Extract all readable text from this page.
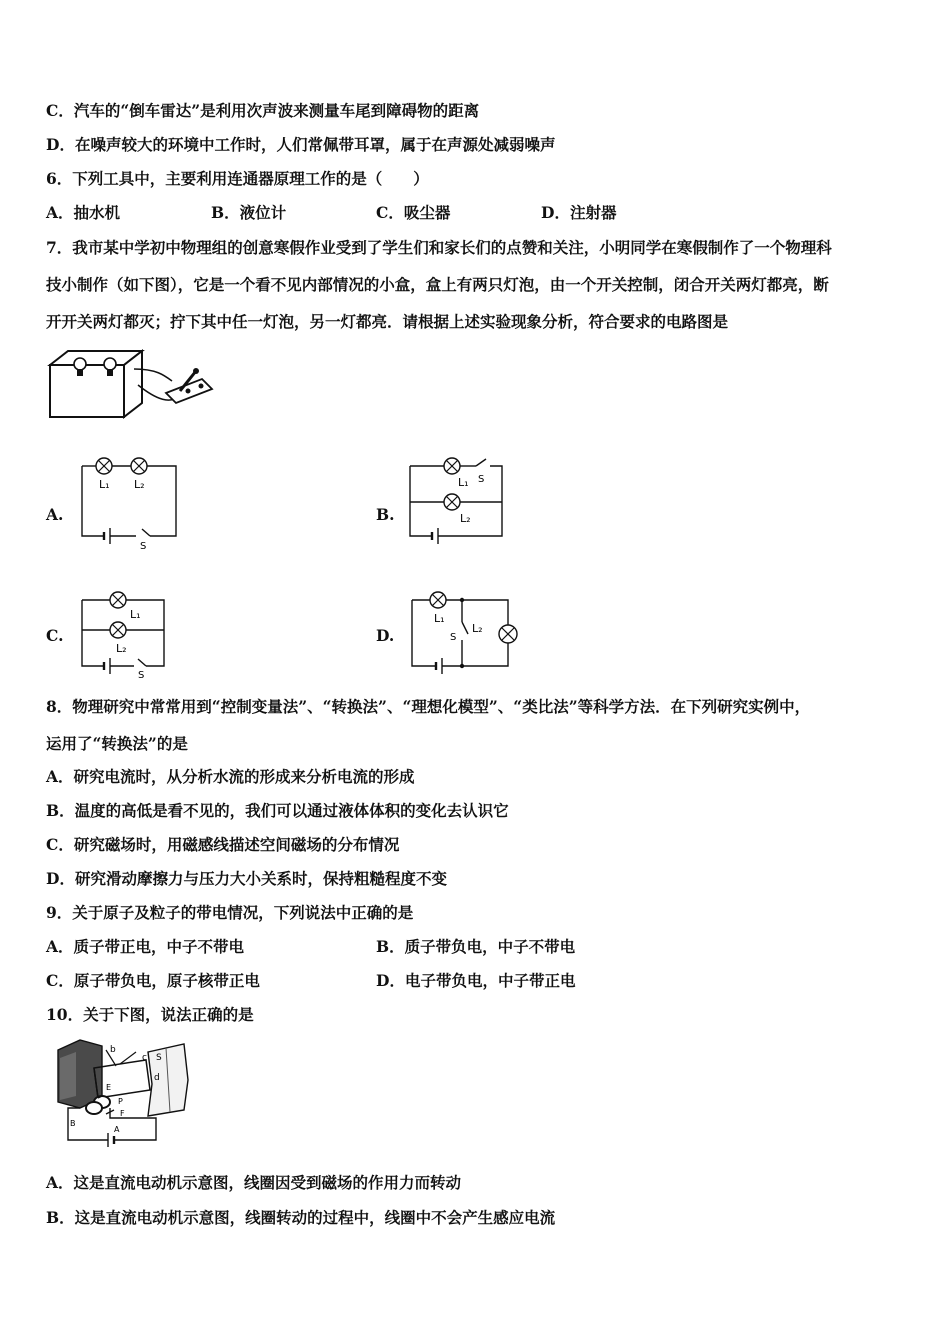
C．汽车的“倒车雷达”是利用次声波来测量车尾到障碍物的距离
D．在噪声较大的环境中工作时，人们常佩带耳罩，属于在声源处减弱噪声
6．下列工具中，主要利用连通器原理工作的是（　　）
A．抽水机	B．液位计	C．吸尘器	D．注射器
7．我市某中学初中物理组的创意寒假作业受到了学生们和家长们的点赞和关注，小明同学在寒假制作了一个物理科
技小制作（如下图），它是一个看不见内部情况的小盒，盒上有两只灯泡，由一个开关控制，闭合开关两灯都亮，断
开开关两灯都灭；拧下其中任一灯泡，另一灯都亮．请根据上述实验现象分析，符合要求的电路图是
A.
L₁ L₂
S
B.
L₁ S
L₂
C.
L₁
L₂
S
D.
L₁
S
L₂
8．物理研究中常常用到“控制变量法”、“转换法”、“理想化模型”、“类比法”等科学方法．在下列研究实例中，
运用了“转换法”的是
A．研究电流时，从分析水流的形成来分析电流的形成
B．温度的高低是看不见的，我们可以通过液体体积的变化去认识它
C．研究磁场时，用磁感线描述空间磁场的分布情况
D．研究滑动摩擦力与压力大小关系时，保持粗糙程度不变
9．关于原子及粒子的带电情况，下列说法中正确的是
A．质子带正电，中子不带电	B．质子带负电，中子不带电
C．原子带负电，原子核带正电	D．电子带负电，中子带正电
10．关于下图，说法正确的是
b
c
d
S
P
E
F
A
B
A．这是直流电动机示意图，线圈因受到磁场的作用力而转动
B．这是直流电动机示意图，线圈转动的过程中，线圈中不会产生感应电流
